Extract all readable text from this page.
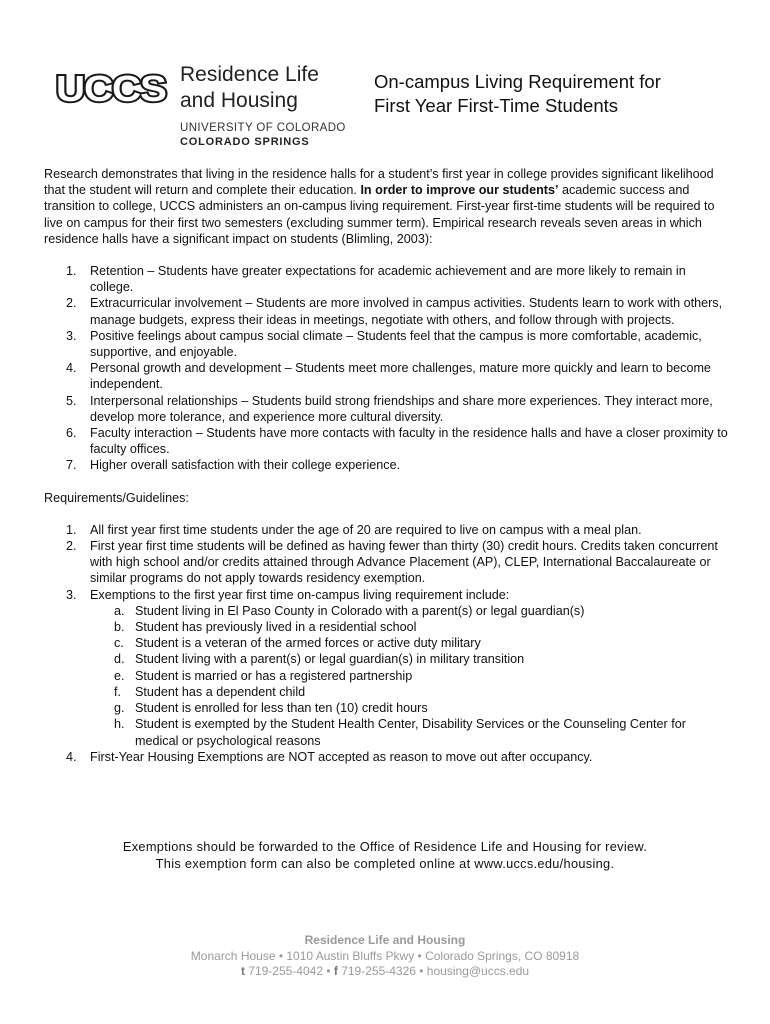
UCCS Residence Life
and Housing
UNIVERSITY OF COLORADO
COLORADO SPRINGS
On-campus Living Requirement for
First Year First-Time Students

Research demonstrates that living in the residence halls for a student’s first year in college provides significant likelihood that the student will return and complete their education. In order to improve our students’ academic success and transition to college, UCCS administers an on-campus living requirement. First-year first-time students will be required to live on campus for their first two semesters (excluding summer term). Empirical research reveals seven areas in which residence halls have a significant impact on students (Blimling, 2003):

1. Retention – Students have greater expectations for academic achievement and are more likely to remain in college.
2. Extracurricular involvement – Students are more involved in campus activities. Students learn to work with others, manage budgets, express their ideas in meetings, negotiate with others, and follow through with projects.
3. Positive feelings about campus social climate – Students feel that the campus is more comfortable, academic, supportive, and enjoyable.
4. Personal growth and development – Students meet more challenges, mature more quickly and learn to become independent.
5. Interpersonal relationships – Students build strong friendships and share more experiences. They interact more, develop more tolerance, and experience more cultural diversity.
6. Faculty interaction – Students have more contacts with faculty in the residence halls and have a closer proximity to faculty offices.
7. Higher overall satisfaction with their college experience.

Requirements/Guidelines:

1. All first year first time students under the age of 20 are required to live on campus with a meal plan.
2. First year first time students will be defined as having fewer than thirty (30) credit hours. Credits taken concurrent with high school and/or credits attained through Advance Placement (AP), CLEP, International Baccalaureate or similar programs do not apply towards residency exemption.
3. Exemptions to the first year first time on-campus living requirement include:
a. Student living in El Paso County in Colorado with a parent(s) or legal guardian(s)
b. Student has previously lived in a residential school
c. Student is a veteran of the armed forces or active duty military
d. Student living with a parent(s) or legal guardian(s) in military transition
e. Student is married or has a registered partnership
f. Student has a dependent child
g. Student is enrolled for less than ten (10) credit hours
h. Student is exempted by the Student Health Center, Disability Services or the Counseling Center for medical or psychological reasons
4. First-Year Housing Exemptions are NOT accepted as reason to move out after occupancy.
Exemptions should be forwarded to the Office of Residence Life and Housing for review.
This exemption form can also be completed online at www.uccs.edu/housing.
Residence Life and Housing
Monarch House • 1010 Austin Bluffs Pkwy • Colorado Springs, CO 80918
t 719-255-4042 • f 719-255-4326 • housing@uccs.edu
